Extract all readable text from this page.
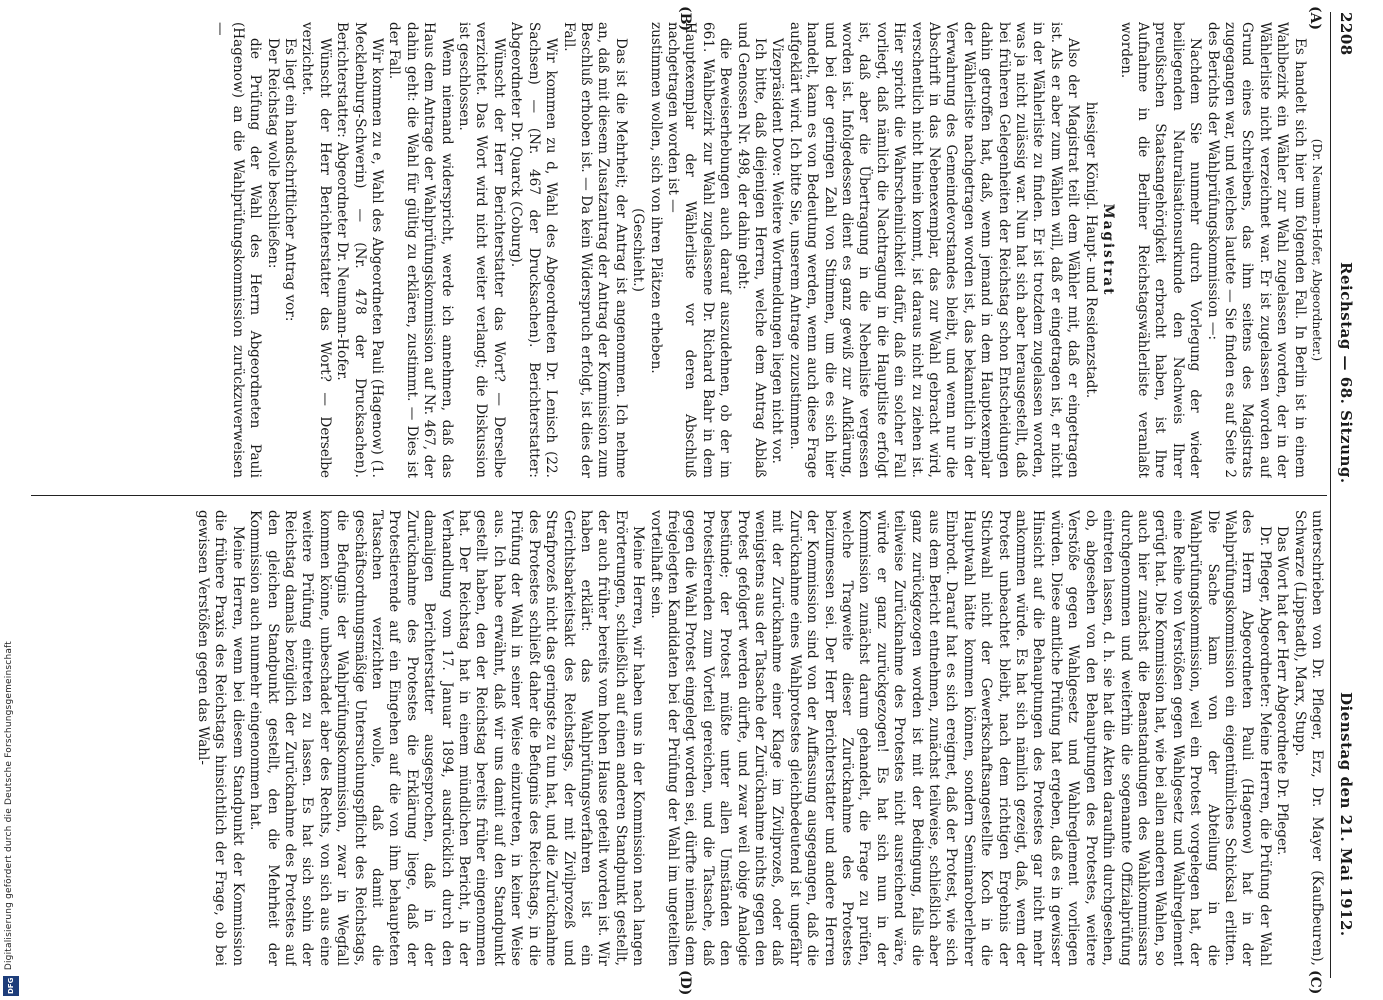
2208
Reichstag — 68. Sitzung.
Dienstag den 21. Mai 1912.
(A)
(B)
(C)
(D)

(Dr. Neumann-Hofer, Abgeordneter.)

Es handelt sich hier um folgenden Fall. In Berlin ist in einem Wahlbezirk ein Wähler zur Wahl zugelassen worden, der in der Wählerliste nicht verzeichnet war. Er ist zugelassen worden auf Grund eines Schreibens, das ihm seitens des Magistrats zugegangen war, und welches lautete — Sie finden es auf Seite 2 des Berichts der Wahlprüfungskommission —:

Nachdem Sie nunmehr durch Vorlegung der wieder beiliegenden Naturalisationsurkunde den Nachweis Ihrer preußischen Staatsangehörigkeit erbracht haben, ist Ihre Aufnahme in die Berliner Reichstagswählerliste veranlaßt worden.

Magistrat

hiesiger Königl. Haupt- und Residenzstadt.

Also der Magistrat teilt dem Wähler mit, daß er eingetragen ist. Als er aber zum Wählen will, daß er eingetragen ist, er nicht in der Wählerliste zu finden. Er ist trotzdem zugelassen worden, was ja nicht zulässig war. Nun hat sich aber herausgestellt, daß bei früheren Gelegenheiten der Reichstag schon Entscheidungen dahin getroffen hat, daß, wenn jemand in dem Hauptexemplar der Wählerliste nachgetragen worden ist, das bekanntlich in der Verwahrung des Gemeindevorstandes bleibt, und wenn nur die Abschrift in das Nebenexemplar, das zur Wahl gebracht wird, verschentlich nicht hinein kommt, ist daraus nicht zu ziehen ist. Hier spricht die Wahrscheinlichkeit dafür, daß ein solcher Fall vorliegt, daß nämlich die Nachtragung in die Hauptliste erfolgt ist, daß aber die Übertragung in die Nebenliste vergessen worden ist. Infolgedessen dient es ganz gewiß zur Aufklärung, und bei der geringen Zahl von Stimmen, um die es sich hier handelt, kann es von Bedeutung werden, wenn auch diese Frage aufgeklärt wird. Ich bitte Sie, unserem Antrage zuzustimmen.

Vizepräsident Dove: Weitere Wortmeldungen liegen nicht vor.

Ich bitte, daß diejenigen Herren, welche dem Antrag Ablaß und Genossen Nr. 498, der dahin geht:

die Beweiserhebungen auch darauf auszudehnen, ob der im 661. Wahlbezirk zur Wahl zugelassene Dr. Richard Bahr in dem Hauptexemplar der Wählerliste vor deren Abschluß nachgetragen worden ist —

zustimmen wollen, sich von ihren Plätzen erheben.

(Geschieht.)

Das ist die Mehrheit; der Antrag ist angenommen. Ich nehme an, daß mit diesem Zusatzantrag der Antrag der Kommission zum Beschluß erhoben ist. — Da kein Widerspruch erfolgt, ist dies der Fall.

Wir kommen zu d, Wahl des Abgeordneten Dr. Lenisch (22. Sachsen) — (Nr. 467 der Drucksachen). Berichterstatter: Abgeordneter Dr. Quarck (Coburg).

Wünscht der Herr Berichterstatter das Wort? — Derselbe verzichtet. Das Wort wird nicht weiter verlangt; die Diskussion ist geschlossen.

Wenn niemand widerspricht, werde ich annehmen, daß das Haus dem Antrage der Wahlprüfungskommission auf Nr. 467, der dahin geht: die Wahl für gültig zu erklären, zustimmt. — Dies ist der Fall.

Wir kommen zu e, Wahl des Abgeordneten Pauli (Hagenow) (1. Mecklenburg-Schwerin) — (Nr. 478 der Drucksachen). Berichterstatter: Abgeordneter Dr. Neumann-Hofer.

Wünscht der Herr Berichterstatter das Wort? — Derselbe verzichtet.

Es liegt ein handschriftlicher Antrag vor:

Der Reichstag wolle beschließen:

die Prüfung der Wahl des Herrn Abgeordneten Pauli (Hagenow) an die Wahlprüfungskommission zurückzuverweisen —

unterschrieben von Dr. Pfleger, Erz, Dr. Mayer (Kaufbeuren), Schwarze (Lippstadt), Marx, Stupp.

Das Wort hat der Herr Abgeordnete Dr. Pfleger.

Dr. Pfleger, Abgeordneter: Meine Herren, die Prüfung der Wahl des Herrn Abgeordneten Pauli (Hagenow) hat in der Wahlprüfungskommission ein eigentümliches Schicksal erlitten. Die Sache kam von der Abteilung in die Wahlprüfungskommission, weil ein Protest vorgelegen hat, der eine Reihe von Verstößen gegen Wahlgesetz und Wahlreglement gerügt hat. Die Kommission hat, wie bei allen anderen Wahlen, so auch hier zunächst die Beanstandungen des Wahlkommissars durchgenommen und weiterhin die sogenannte Offizialprüfung eintreten lassen, d. h. sie hat die Akten daraufhin durchgesehen, ob, abgesehen von den Behauptungen des Protestes, weitere Verstöße gegen Wahlgesetz und Wahlreglement vorliegen würden. Diese amtliche Prüfung hat ergeben, daß es in gewisser Hinsicht auf die Behauptungen des Protestes gar nicht mehr ankommen würde. Es hat sich nämlich gezeigt, daß, wenn der Protest unbeachtet bleibt, nach dem richtigen Ergebnis der Stichwahl nicht der Gewerkschaftsangestellte Koch in die Hauptwahl hätte kommen können, sondern Seminaroberlehrer Einbrodt. Darauf hat es sich ereignet, daß der Protest, wie sich aus dem Bericht entnehmen, zunächst teilweise, schließlich aber ganz zurückgezogen worden ist mit der Bedingung, falls die teilweise Zurücknahme des Protestes nicht ausreichend wäre, würde er ganz zurückgezogen! Es hat sich nun in der Kommission zunächst darum gehandelt, die Frage zu prüfen, welche Tragweite dieser Zurücknahme des Protestes beizumessen sei. Der Herr Berichterstatter und andere Herren der Kommission sind von der Auffassung ausgegangen, daß die Zurücknahme eines Wahlprotestes gleichbedeutend ist ungefähr mit der Zurücknahme einer Klage im Zivilprozeß, oder daß wenigstens aus der Tatsache der Zurücknahme nichts gegen den Protest gefolgert werden dürfte, und zwar weil obige Analogie bestünde; der Protest müßte unter allen Umständen den Protestierenden zum Vorteil gereichen, und die Tatsache, daß gegen die Wahl Protest eingelegt worden sei, dürfte niemals dem freigelegten Kandidaten bei der Prüfung der Wahl im ungeteilten vorteilhaft sein.

Meine Herren, wir haben uns in der Kommission nach langen Erörterungen, schließlich auf einen anderen Standpunkt gestellt, der auch früher bereits vom hohen Hause geteilt worden ist. Wir haben erklärt: das Wahlprüfungsverfahren ist ein Gerichtsbarkeitsakt des Reichstags, der mit Zivilprozeß und Strafprozeß nicht das geringste zu tun hat, und die Zurücknahme des Protestes schließt daher die Befugnis des Reichstags, in die Prüfung der Wahl in seiner Weise einzutreten, in keiner Weise aus. Ich habe erwähnt, daß wir uns damit auf den Standpunkt gestellt haben, den der Reichstag bereits früher eingenommen hat. Der Reichstag hat in einem mündlichen Bericht, in der Verhandlung vom 17. Januar 1894, ausdrücklich durch den damaligen Berichterstatter ausgesprochen, daß in der Zurücknahme des Protestes die Erklärung liege, daß der Protestierende auf ein Eingehen auf die von ihm behaupteten Tatsachen verzichten wolle, daß damit die geschäftsordnungsmäßige Untersuchungspflicht des Reichstags, die Befugnis der Wahlprüfungskommission, zwar in Wegfall kommen könne, unbeschadet aber des Rechts, von sich aus eine weitere Prüfung eintreten zu lassen. Es hat sich sohin der Reichstag damals bezüglich der Zurücknahme des Protestes auf den gleichen Standpunkt gestellt, den die Mehrheit der Kommission auch nunmehr eingenommen hat.

Meine Herren, wenn bei diesem Standpunkt der Kommission die frühere Praxis des Reichstags hinsichtlich der Frage, ob bei gewissen Verstößen gegen das Wahl-

Digitalisierung gefördert durch die Deutsche Forschungsgemeinschaft
DFG
